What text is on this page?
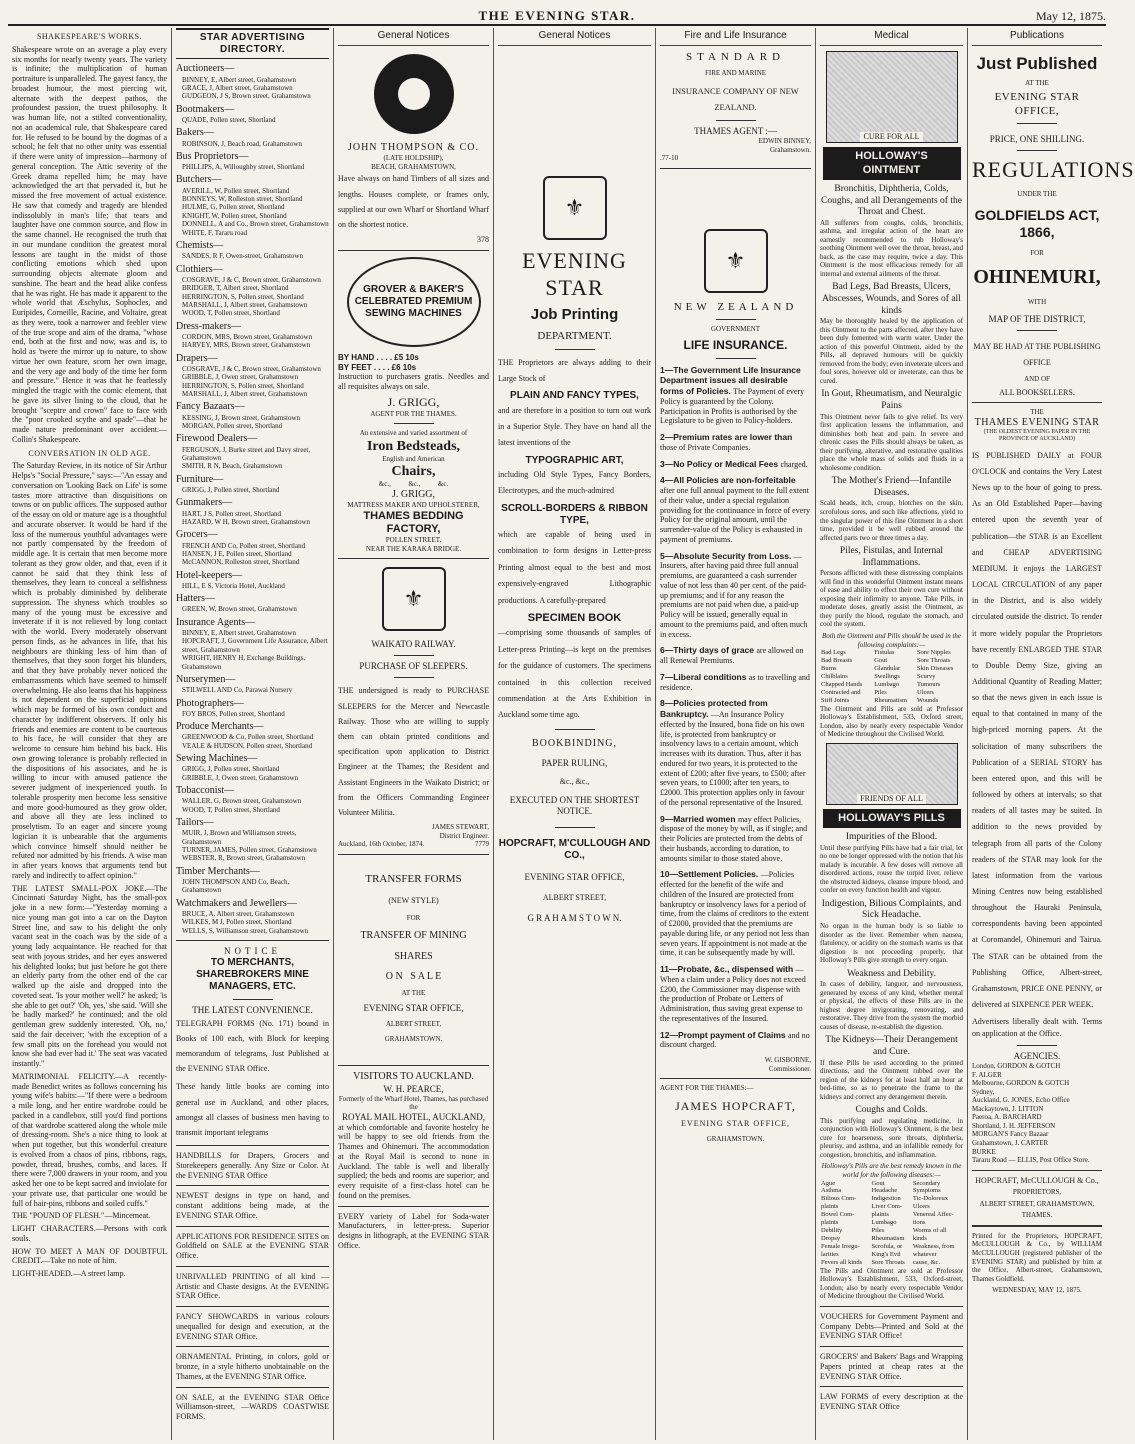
THE EVENING STAR.	May 12, 1875.
SHAKESPEARE'S WORKS.

Shakespeare wrote on an average a play every six months for nearly twenty years. The variety is infinite; the multiplication of human portraiture is unparalleled. The gayest fancy, the broadest humour, the most piercing wit, alternate with the deepest pathos, the profoundest passion, the truest philosophy. It was human life, not a stilted conventionality, not an academical rule, that Shakespeare cared for. He refused to be bound by the dogmas of a school; he felt that no other unity was essential if there were unity of impression—harmony of general conception. The Attic severity of the Greek drama repelled him; he may have acknowledged the art that pervaded it, but he missed the free movement of actual existence. He saw that comedy and tragedy are blended indissolubly in man's life; that tears and laughter have one common source, and flow in the same channel. He recognised the truth that in our mundane condition the greatest moral lessons are taught in the midst of those conflicting emotions which shed upon surrounding objects alternate gloom and sunshine. The heart and the head alike confess that he was right. He has made it apparent to the whole world that Æschylus, Sophocles, and Euripides, Corneille, Racine, and Voltaire, great as they were, took a narrower and feebler view of the true scope and aim of the drama, "whose end, both at the first and now, was and is, to hold as 'twere the mirror up to nature, to show virtue her own feature, scorn her own image, and the very age and body of the time her form and pressure." Hence it was that he fearlessly mingled the tragic with the comic element, that he gave its silver lining to the cloud, that he brought "sceptre and crown" face to face with the "poor crooked scythe and spade"—that he made nature predominant over accident.—Collin's Shakespeare.

CONVERSATION IN OLD AGE.

The Saturday Review, in its notice of Sir Arthur Helps's "Social Pressure," says:—"An essay and conversation on 'Looking Back on Life' is some tastes more attractive than disquisitions on towns or on public offices. The supposed author of the essay on old or mature age is a thoughtful and accurate observer. It would be hard if the loss of the numerous youthful advantages were not partly compensated by the freedom of middle age. It is certain that men become more tolerant as they grow older, and that, even if it cannot be said that they think less of themselves, they learn to conceal a selfishness which is probably diminished by deliberate suppression. The shyness which troubles so many of the young must be excessive and inveterate if it is not relieved by long contact with the world. Every moderately observant person finds, as he advances in life, that his neighbours are thinking less of him than of themselves, that they soon forget his blunders, and that they have probably never noticed the embarrassments which have seemed to himself overwhelming. He also learns that his happiness is not dependent on the superficial opinions which may be formed of his own conduct and character by indifferent observers. If only his friends and enemies are content to be courteous to his face, he will consider that they are welcome to censure him behind his back. His own growing tolerance is probably reflected in the dispositions of his associates, and he is willing to incur with amused patience the severer judgment of inexperienced youth. In tolerable prosperity men become less sensitive and more good-humoured as they grow older, and above all they are less inclined to proselytism. To an eager and sincere young logician it is unbearable that the arguments which convince himself should neither be refuted nor admitted by his friends. A wise man in after years knows that arguments tend but rarely and indirectly to affect opinion."

THE LATEST SMALL-POX JOKE.—The Cincinnati Saturday Night, has the small-pox joke in a new form:—"Yesterday morning a nice young man got into a car on the Dayton Street line, and saw to his delight the only vacant seat in the coach was by the side of a young lady acquaintance. He reached for that seat with joyous strides, and her eyes answered his delighted looks; but just before he got there an elderly party from the other end of the car walked up the aisle and dropped into the coveted seat. 'Is your mother well?' he asked; 'is she able to get out?' 'Oh, yes,' she said. 'Will she be badly marked?' he continued; and the old gentleman grew suddenly interested. 'Oh, no,' said the fair deceiver; 'with the exception of a few small pits on the forehead you would not know she had ever had it.' The seat was vacated instantly."

MATRIMONIAL FELICITY.—A recently-made Benedict writes as follows concerning his young wife's habits:—"If there were a bedroom a mile long, and her entire wardrobe could be packed in a candlebox, still you'd find portions of that wardrobe scattered along the whole mile of dressing-room. She's a nice thing to look at when put together, but this wonderful creature is evolved from a chaos of pins, ribbons, rags, powder, thread, brushes, combs, and laces. If there were 7,000 drawers in your room, and you asked her one to be kept sacred and inviolate for your private use, that particular one would be full of hair-pins, ribbons and soiled cuffs."

THE "POUND OF FLESH."—Mincemeat.

LIGHT CHARACTERS.—Persons with cork souls.

HOW TO MEET A MAN OF DOUBTFUL CREDIT.—Take no note of him.

LIGHT-HEADED.—A street lamp.

STAR ADVERTISING DIRECTORY.
Auctioneers—
BINNEY, E, Albert street, Grahamstown
GRACE, J, Albert street, Grahamstown
GUDGEON, J S, Brown street, Grahamstown
Bootmakers—
QUADE, Pollen street, Shortland
Bakers—
ROBINSON, J, Beach road, Grahamstown
Bus Proprietors—
PHILLIPS, A, Willoughby street, Shortland
Butchers—
AVERILL, W, Pollen street, Shortland
BONNEYS, W, Rolleston street, Shortland
HULME, G, Pollen street, Shortland
KNIGHT, W, Pollen street, Shortland
DONNELL, A and Co., Brown street, Grahamstown
WHITE, F, Tararu road
Chemists—
SANDES, R F, Owen-street, Grahamstown
Clothiers—
COSGRAVE, J & C, Brown street, Grahamstown
BRIDGER, T, Albert street, Shortland
HERRINGTON, S, Pollen street, Shortland
MARSHALL, J, Albert street, Grahamstown
WOOD, T, Pollen street, Shortland
Dress-makers—
CORDON, MRS, Brown street, Grahamstown
HARVEY, MRS, Brown street, Grahamstown
Drapers—
COSGRAVE, J & C, Brown street, Grahamstown
GRIBBLE, J, Owen street, Grahamstown
HERRINGTON, S, Pollen street, Shortland
MARSHALL, J, Albert street, Grahamstown
Fancy Bazaars—
KESSING, J, Brown street, Grahamstown
MORGAN, Pollen street, Shortland
Firewood Dealers—
FERGUSON, J, Burke street and Davy street, Grahamstown
SMITH, R N, Beach, Grahamstown
Furniture—
GRIGG, J, Pollen street, Shortland
Gunmakers—
HART, J S, Pollen street, Shortland
HAZARD, W H, Brown street, Grahamstown
Grocers—
FRENCH AND Co, Pollen street, Shortland
HANSEN, J E, Pollen street, Shortland
McCANNON, Rolleston street, Shortland
Hotel-keepers—
HILL, E S, Victoria Hotel, Auckland
Hatters—
GREEN, W, Brown street, Grahamstown
Insurance Agents—
BINNEY, E, Albert street, Grahamstown
HOPCRAFT, J, Government Life Assurance, Albert street, Grahamstown
WRIGHT, HENRY H, Exchange Buildings, Grahamstown
Nurserymen—
STILWELL AND Co, Parawai Nursery
Photographers—
FOY BROS, Pollen street, Shortland
Produce Merchants—
GREENWOOD & Co, Pollen street, Shortland
VEALE & HUDSON, Pollen street, Shortland
Sewing Machines—
GRIGG, J, Pollen street, Shortland
GRIBBLE, J, Owen street, Grahamstown
Tobacconist—
WALLER, G, Brown street, Grahamstown
WOOD, T, Pollen street, Shortland
Tailors—
MUIR, J, Brown and Williamson streets, Grahamstown
TURNER, JAMES, Pollen street, Grahamstown
WEBSTER, R, Brown street, Grahamstown
Timber Merchants—
JOHN THOMPSON AND Co, Beach, Grahamstown
Watchmakers and Jewellers—
BRUCE, A, Albert street, Grahamstown
WILKES, M J, Pollen street, Shortland
WELLS, S, Williamson street, Grahamstown
NOTICE
TO MERCHANTS, SHAREBROKERS MINE MANAGERS, ETC.
THE LATEST CONVENIENCE.

TELEGRAPH FORMS (No. 171) bound in Books of 100 each, with Block for keeping memorandum of telegrams, Just Published at the EVENING STAR Office.

These handy little books are coming into general use in Auckland, and other places, amongst all classes of business men having to transmit important telegrams

HANDBILLS for Drapers, Grocers and Storekeepers generally. Any Size or Color. At the EVENING STAR Office

NEWEST designs in type on hand, and constant additions being made, at the EVENING STAR Office.

APPLICATIONS FOR RESIDENCE SITES on Goldfield on SALE at the EVENING STAR Office.

UNRIVALLED PRINTING of all kind —Artistic and Chaste designs. At the EVENING STAR Office.

FANCY SHOWCARDS in various colours unequalled for design and execution, at the EVENING STAR Office.

ORNAMENTAL Printing, in colors, gold or bronze, in a style hitherto unobtainable on the Thames, at the EVENING STAR Office.

ON SALE, at the EVENING STAR Office Williamson-street, —WARDS COASTWISE FORMS.

General Notices
JOHN THOMPSON & CO.
(LATE HOLDSHIP),
BEACH, GRAHAMSTOWN,

Have always on hand Timbers of all sizes and lengths. Houses complete, or frames only, supplied at our own Wharf or Shortland Wharf on the shortest notice.

378
GROVER & BAKER'S CELEBRATED PREMIUM SEWING MACHINES
BY HAND . . . . £5 10s
BY FEET . . . . £6 10s

Instruction to purchasers gratis. Needles and all requisites always on sale.

J. GRIGG,
AGENT FOR THE THAMES.
An extensive and varied assortment of
Iron Bedsteads,
English and American
Chairs,
&c.,          &c.,          &c.
J. GRIGG,
MATTRESS MAKER AND UPHOLSTERER,
THAMES BEDDING FACTORY,
POLLEN STREET,
NEAR THE KARAKA BRIDGE.
⚜
WAIKATO RAILWAY.
PURCHASE OF SLEEPERS.

THE undersigned is ready to PURCHASE SLEEPERS for the Mercer and Newcastle Railway. Those who are willing to supply them can obtain printed conditions and specification upon application to District Engineer at the Thames; the Resident and Assistant Engineers in the Waikato District; or from the Officers Commanding Engineer Volunteer Militia.

JAMES STEWART,
District Engineer.
Auckland, 16th October, 1874.	7779
TRANSFER FORMS
(NEW STYLE)
FOR
TRANSFER OF MINING
SHARES
O N   S A L E
AT THE
EVENING STAR OFFICE,
ALBERT STREET,
GRAHAMSTOWN.
VISITORS TO AUCKLAND.
W. H. PEARCE,
Formerly of the Wharf Hotel, Thames, has purchased the
ROYAL MAIL HOTEL, AUCKLAND,

at which comfortable and favorite hostelry he will be happy to see old friends from the Thames and Ohinemuri. The accommodation at the Royal Mail is second to none in Auckland. The table is well and liberally supplied; the beds and rooms are superior; and every requisite of a first-class hotel can be found on the premises.

EVERY variety of Label for Soda-water Manufacturers, in letter-press. Superior designs in lithograph, at the EVENING STAR Office.

General Notices
⚜
EVENING STAR
Job Printing
DEPARTMENT.

THE Proprietors are always adding to their Large Stock of

PLAIN AND FANCY TYPES,

and are therefore in a position to turn out work in a Superior Style. They have on hand all the latest inventions of the

TYPOGRAPHIC ART,

including Old Style Types, Fancy Borders, Electrotypes, and the much-admired

SCROLL-BORDERS & RIBBON TYPE,

which are capable of being used in combination to form designs in Letter-press Printing almost equal to the best and most expensively-engraved Lithographic productions. A carefully-prepared

SPECIMEN BOOK

—comprising some thousands of samples of Letter-press Printing—is kept on the premises for the guidance of customers. The specimens contained in this collection received commendation at the Arts Exhibition in Auckland some time ago.

BOOKBINDING,
PAPER RULING,
&c., &c.,
EXECUTED ON THE SHORTEST NOTICE.
HOPCRAFT, M'CULLOUGH AND CO.,
EVENING STAR OFFICE,
ALBERT STREET,
G R A H A M S T O W N.
Fire and Life Insurance
STANDARD
FIRE AND MARINE
INSURANCE COMPANY OF NEW ZEALAND.
THAMES AGENT :—
EDWIN BINNEY,
Grahamstown.
.77-10
⚜
NEW ZEALAND
GOVERNMENT
LIFE INSURANCE.
1—The Government Life Insurance Department issues all desirable forms of Policies. The Payment of every Policy is guaranteed by the Colony. Participation in Profits is authorised by the Legislature to be given to Policy-holders.
2—Premium rates are lower than those of Private Companies.
3—No Policy or Medical Fees charged.
4—All Policies are non-forfeitable after one full annual payment to the full extent of their value, under a special regulation providing for the continuance in force of every Policy for the original amount, until the surrender-value of the Policy is exhausted in payment of premiums.
5—Absolute Security from Loss. —Insurers, after having paid three full annual premiums, are guaranteed a cash surrender value of not less than 40 per cent. of the paid-up premiums; and if for any reason the premiums are not paid when due, a paid-up Policy will be issued, generally equal in amount to the premiums paid, and often much in excess.
6—Thirty days of grace are allowed on all Renewal Premiums.
7—Liberal conditions as to travelling and residence.
8—Policies protected from Bankruptcy. —An Insurance Policy effected by the Insured, bona fide on his own life, is protected from bankruptcy or insolvency laws to a certain amount, which increases with its duration. Thus, after it has endured for two years, it is protected to the extent of £200; after five years, to £500; after seven years, to £1000; after ten years, to £2000. This protection applies only in favour of the personal representative of the Insured.
9—Married women may effect Policies, dispose of the money by will, as if single; and their Policies are protected from the debts of their husbands, according to duration, to amounts similar to those stated above.
10—Settlement Policies. —Policies effected for the benefit of the wife and children of the Insured are protected from bankruptcy or insolvency laws for a period of time, from the claims of creditors to the extent of £2000, provided that the premiums are payable during life, or any period not less than seven years. If appointment is not made at the time, it can be subsequently made by will.
11—Probate, &c., dispensed with —When a claim under a Policy does not exceed £200, the Commissioner may dispense with the production of Probate or Letters of Administration, thus saving great expense to the representatives of the Insured.
12—Prompt payment of Claims and no discount charged.
W. GISBORNE,
Commissioner.
AGENT FOR THE THAMES:—
JAMES HOPCRAFT,
EVENING STAR OFFICE,
GRAHAMSTOWN.
Medical
CURE FOR ALL
HOLLOWAY'S OINTMENT
Bronchitis, Diphtheria, Colds, Coughs, and all Derangements of the Throat and Chest.

All sufferers from coughs, colds, bronchitis, asthma, and irregular action of the heart are earnestly recommended to rub Holloway's soothing Ointment well over the throat, breast, and back, as the case may require, twice a day. This Ointment is the most efficacious remedy for all internal and external ailments of the throat.

Bad Legs, Bad Breasts, Ulcers, Abscesses, Wounds, and Sores of all kinds

May be thoroughly healed by the application of this Ointment to the parts affected, after they have been duly fomented with warm water. Under the action of this powerful Ointment, aided by the Pills, all depraved humours will be quickly removed from the body; even inveterate ulcers and foul sores, however old or inveterate, can thus be cured.

In Gout, Rheumatism, and Neuralgic Pains

This Ointment never fails to give relief. Its very first application lessens the inflammation, and diminishes both heat and pain. In severe and chronic cases the Pills should always be taken, as their purifying, alterative, and restorative qualities place the whole mass of solids and fluids in a wholesome condition.

The Mother's Friend—Infantile Diseases.

Scald heads, itch, croup, blotches on the skin, scrofulous sores, and such like affections, yield to the singular power of this fine Ointment in a short time, provided it be well rubbed around the affected parts two or three times a day.

Piles, Fistulas, and Internal Inflammations.

Persons afflicted with these distressing complaints will find in this wonderful Ointment instant means of ease and ability to effect their own cure without exposing their infirmity to anyone. Take Pills, in moderate doses, greatly assist the Ointment, as they purify the blood, regulate the stomach, and cool the system.

Both the Ointment and Pills should be used in the following complaints:—
Bad Legs	Fistulas	Sore Nipples
Bad Breasts	Gout	Sore Throats
Burns	Glandular	Skin Diseases
Chilblains	Swellings	Scurvy
Chapped Hands	Lumbago	Tumours
Contracted and	Piles	Ulcers
Stiff Joints	Rheumatism	Wounds

The Ointment and Pills are sold at Professor Holloway's Establishment, 533, Oxford street, London, also by nearly every respectable Vendor of Medicine throughout the Civilised World.

FRIENDS OF ALL
HOLLOWAY'S PILLS
Impurities of the Blood.

Until these purifying Pills have had a fair trial, let no one be longer oppressed with the notion that his malady is incurable. A few doses will remove all disordered actions, rouse the torpid liver, relieve the obstructed kidneys, cleanse impure blood, and confer on every function health and vigour.

Indigestion, Bilious Complaints, and Sick Headache.

No organ in the human body is so liable to disorder as the liver. Remember when nausea, flatulency, or acidity on the stomach warns us that digestion is not proceeding properly, that Holloway's Pills give strength to every organ.

Weakness and Debility.

In cases of debility, languor, and nervousness, generated by excess of any kind, whether mental or physical, the effects of these Pills are in the highest degree invigorating, renovating, and restorative. They drive from the system the morbid causes of disease, re-establish the digestion.

The Kidneys—Their Derangement and Cure.

If these Pills be used according to the printed directions, and the Ointment rubbed over the region of the kidneys for at least half an hour at bed-time, so as to penetrate the frame to the kidneys and correct any derangement therein.

Coughs and Colds.

This purifying and regulating medicine, in conjunction with Holloway's Ointment, is the best cure for hoarseness, sore throats, diphtheria, pleurisy, and asthma, and an infallible remedy for congestion, bronchitis, and inflammation.

Holloway's Pills are the best remedy known in the world for the following diseases:—
Ague	Gout	Secondary
Asthma	Headache	Symptoms
Bilious Com-	Indigestion	Tic-Doloreux
plaints	Liver Com-	Ulcers
Bowel Com-	plaints	Venereal Affec-
plaints	Lumbago	tions
Debility	Piles	Worms of all
Dropsy	Rheumatism	kinds
Female Irregu-	Scrofula, or	Weakness, from
larities	King's Evil	whatever
Fevers all kinds	Sore Throats	cause, &c.

The Pills and Ointment are sold at Professor Holloway's Establishment, 533, Oxford-street, London; also by nearly every respectable Vendor of Medicine throughout the Civilised World.

VOUCHERS for Government Payment and Company Debts—Printed and Sold at the EVENING STAR Office!

GROCERS' and Bakers' Bags and Wrapping Papers printed at cheap rates at the EVENING STAR Office.

LAW FORMS of every description at the EVENING STAR Office

Publications
Just Published
AT THE
EVENING STAR OFFICE,
PRICE, ONE SHILLING.
REGULATIONS
UNDER THE
GOLDFIELDS ACT, 1866,
FOR
OHINEMURI,
WITH
MAP OF THE DISTRICT,
MAY BE HAD AT THE PUBLISHING OFFICE
AND OF
ALL BOOKSELLERS.
THE
THAMES EVENING STAR
(THE OLDEST EVENING PAPER IN THE PROVINCE OF AUCKLAND)

IS PUBLISHED DAILY at FOUR O'CLOCK and contains the Very Latest News up to the hour of going to press. As an Old Established Paper—having entered upon the seventh year of publication—the STAR is an Excellent and CHEAP ADVERTISING MEDIUM. It enjoys the LARGEST LOCAL CIRCULATION of any paper in the District, and is also widely circulated outside the district. To render it more widely popular the Proprietors have recently ENLARGED THE STAR to Double Demy Size, giving an Additional Quantity of Reading Matter; so that the news given in each issue is equal to that contained in many of the high-priced morning papers. At the solicitation of many subscribers the Publication of a SERIAL STORY has been entered upon, and this will be followed by others at intervals; so that readers of all tastes may be suited. In addition to the news provided by telegraph from all parts of the Colony readers of the STAR may look for the latest information from the various Mining Centres now being established throughout the Hauraki Peninsula, correspondents having been appointed at Coromandel, Ohinemuri and Tairua. The STAR can be obtained from the Publishing Office, Albert-street, Grahamstown, PRICE ONE PENNY, or delivered at SIXPENCE PER WEEK.

Advertisers liberally dealt with. Terms on application at the Office.

AGENCIES.
London, GORDON & GOTCH
F. ALGER
Melbourne, GORDON & GOTCH
Sydney,
Auckland, G. JONES, Echo Office
Mackaytown, J. LITTON
Paeroa, A. BARCHARD
Shortland, J. H. JEFFERSON
MORGAN'S Fancy Bazaar
Grahamstown, J. CARTER
BURKE
Tararu Road — ELLIS, Post Office Store.
HOPCRAFT, McCULLOUGH & Co.,
PROPRIETORS,
ALBERT STREET, GRAHAMSTOWN,
THAMES.

Printed for the Proprietors, HOPCRAFT, McCULLOUGH & Co., by WILLIAM McCULLOUGH (registered publisher of the EVENING STAR) and published by him at the Office, Albert-street, Grahamstown, Thames Goldfield.

WEDNESDAY, MAY 12, 1875.
